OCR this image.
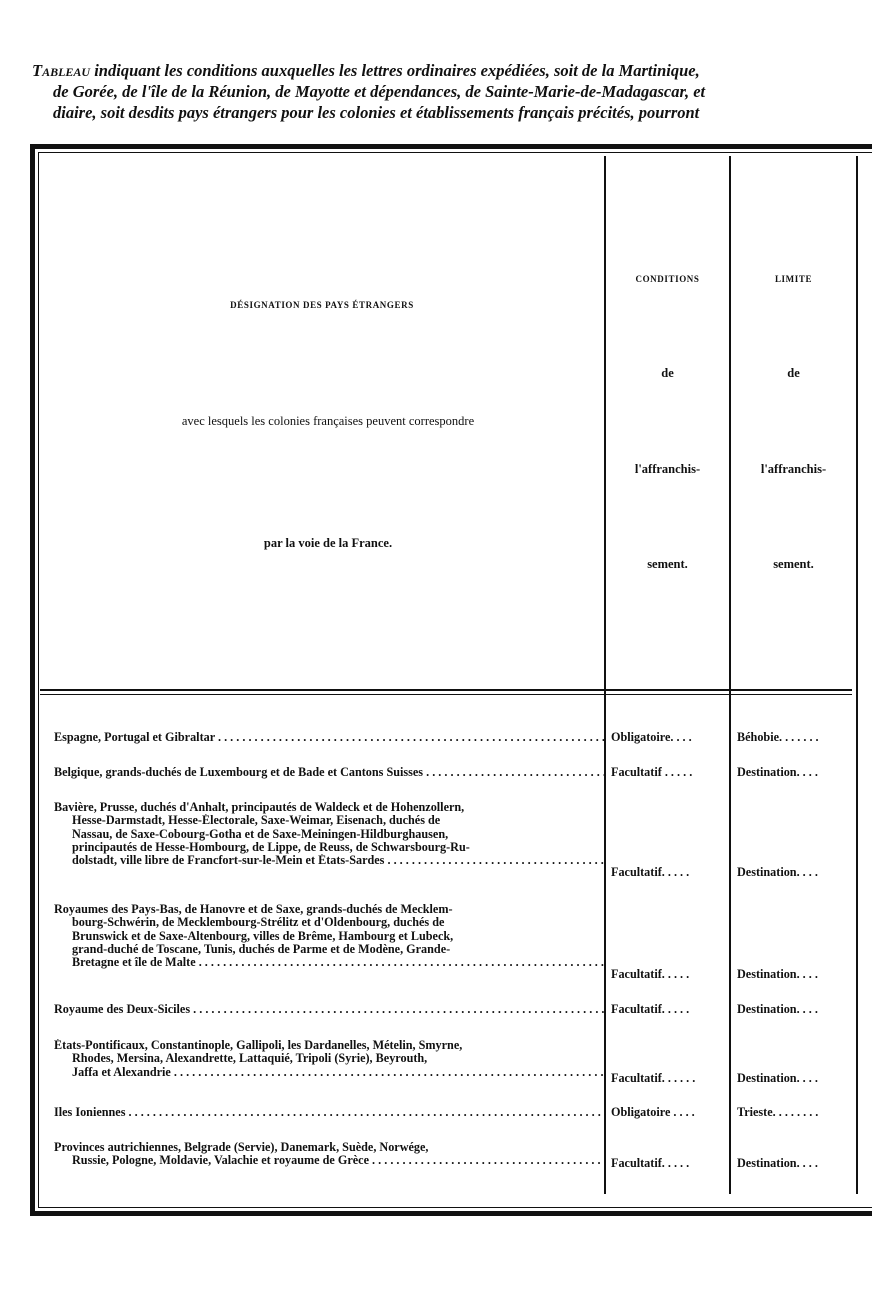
Tableau indiquant les conditions auxquelles les lettres ordinaires expédiées, soit de la Martinique,
de Gorée, de l'île de la Réunion, de Mayotte et dépendances, de Sainte-Marie-de-Madagascar, et
diaire, soit desdits pays étrangers pour les colonies et établissements français précités, pourront
DÉSIGNATION DES PAYS ÉTRANGERS
avec lesquels les colonies françaises peuvent correspondre
par la voie de la France.
CONDITIONS
de
l'affranchis-
sement.
LIMITE
de
l'affranchis-
sement.
Espagne, Portugal et Gibraltar . . .	Obligatoire. . . .	Béhobie. . . . . . .
Belgique, grands-duchés de Luxembourg et de Bade et Cantons Suisses . . .	Facultatif . . . . .	Destination. . . .
Bavière, Prusse, duchés d'Anhalt, principautés de Waldeck et de Hohenzollern,
Hesse-Darmstadt, Hesse-Électorale, Saxe-Weimar, Eisenach, duchés de
Nassau, de Saxe-Cobourg-Gotha et de Saxe-Meiningen-Hildburghausen,
principautés de Hesse-Hombourg, de Lippe, de Reuss, de Schwarsbourg-Ru-
dolstadt, ville libre de Francfort-sur-le-Mein et États-Sardes . . .
Facultatif. . . . .	Destination. . . .
Royaumes des Pays-Bas, de Hanovre et de Saxe, grands-duchés de Mecklem-
bourg-Schwérin, de Mecklembourg-Strélitz et d'Oldenbourg, duchés de
Brunswick et de Saxe-Altenbourg, villes de Brême, Hambourg et Lubeck,
grand-duché de Toscane, Tunis, duchés de Parme et de Modène, Grande-
Bretagne et île de Malte . . .
Facultatif. . . . .	Destination. . . .
Royaume des Deux-Siciles . . .	Facultatif. . . . .	Destination. . . .
États-Pontificaux, Constantinople, Gallipoli, les Dardanelles, Mételin, Smyrne,
Rhodes, Mersina, Alexandrette, Lattaquié, Tripoli (Syrie), Beyrouth,
Jaffa et Alexandrie . . .	Facultatif. . . . . .	Destination. . . .
Iles Ioniennes . . .	Obligatoire . . . .	Trieste. . . . . . . .
Provinces autrichiennes, Belgrade (Servie), Danemark, Suède, Norwége,
Russie, Pologne, Moldavie, Valachie et royaume de Grèce . . .	Facultatif. . . . .	Destination. . . .
